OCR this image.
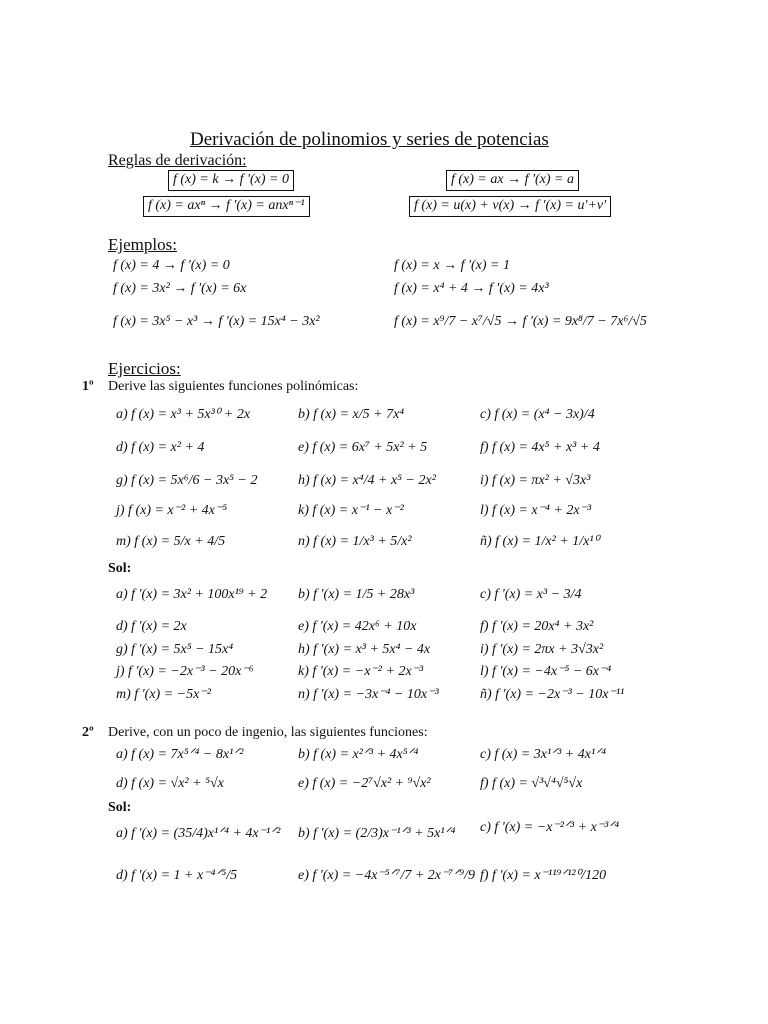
Derivación de polinomios y series de potencias
Reglas de derivación:
f (x) = k → f '(x) = 0	f (x) = ax → f '(x) = a
f (x) = axⁿ → f '(x) = anxⁿ⁻¹	f (x) = u(x) + v(x) → f '(x) = u'+v'
Ejemplos:
f (x) = 4 → f '(x) = 0	f (x) = x → f '(x) = 1
f (x) = 3x² → f '(x) = 6x	f (x) = x⁴ + 4 → f '(x) = 4x³
f (x) = 3x⁵ − x³ → f '(x) = 15x⁴ − 3x²	f (x) = x⁹/7 − x⁷/√5 → f '(x) = 9x⁸/7 − 7x⁶/√5
Ejercicios:
1º Derive las siguientes funciones polinómicas:
a) f (x) = x³ + 5x³⁰ + 2x	b) f (x) = x/5 + 7x⁴	c) f (x) = (x⁴ − 3x)/4
d) f (x) = x² + 4	e) f (x) = 6x⁷ + 5x² + 5	f) f (x) = 4x⁵ + x³ + 4
g) f (x) = 5x⁶/6 − 3x⁵ − 2	h) f (x) = x⁴/4 + x⁵ − 2x²	i) f (x) = πx² + √3x³
j) f (x) = x⁻² + 4x⁻⁵	k) f (x) = x⁻¹ − x⁻²	l) f (x) = x⁻⁴ + 2x⁻³
m) f (x) = 5/x + 4/5	n) f (x) = 1/x³ + 5/x²	ñ) f (x) = 1/x² + 1/x¹⁰
Sol:
a) f '(x) = 3x² + 100x¹⁹ + 2 b) f '(x) = 1/5 + 28x³	c) f '(x) = x³ − 3/4
d) f '(x) = 2x	e) f '(x) = 42x⁶ + 10x	f) f '(x) = 20x⁴ + 3x²
g) f '(x) = 5x⁵ − 15x⁴	h) f '(x) = x³ + 5x⁴ − 4x	i) f '(x) = 2πx + 3√3x²
j) f '(x) = −2x⁻³ − 20x⁻⁶	k) f '(x) = −x⁻² + 2x⁻³	l) f '(x) = −4x⁻⁵ − 6x⁻⁴
m) f '(x) = −5x⁻²	n) f '(x) = −3x⁻⁴ − 10x⁻³	ñ) f '(x) = −2x⁻³ − 10x⁻¹¹
2º Derive, con un poco de ingenio, las siguientes funciones:
a) f (x) = 7x⁵ᐟ⁴ − 8x¹ᐟ²	b) f (x) = x²ᐟ³ + 4x⁵ᐟ⁴	c) f (x) = 3x¹ᐟ³ + 4x¹ᐟ⁴
d) f (x) = √x² + ⁵√x	e) f (x) = −2⁷√x² + ⁹√x²	f) f (x) = √³√⁴√⁵√x
Sol:
a) f '(x) = (35/4)x¹ᐟ⁴ + 4x⁻¹ᐟ² b) f '(x) = (2/3)x⁻¹ᐟ³ + 5x¹ᐟ⁴ c) f '(x) = −x⁻²ᐟ³ + x⁻³ᐟ⁴
d) f '(x) = 1 + x⁻⁴ᐟ⁵/5	e) f '(x) = −4x⁻⁵ᐟ⁷/7 + 2x⁻⁷ᐟ⁹/9 f) f '(x) = x⁻¹¹⁹ᐟ¹²⁰/120
